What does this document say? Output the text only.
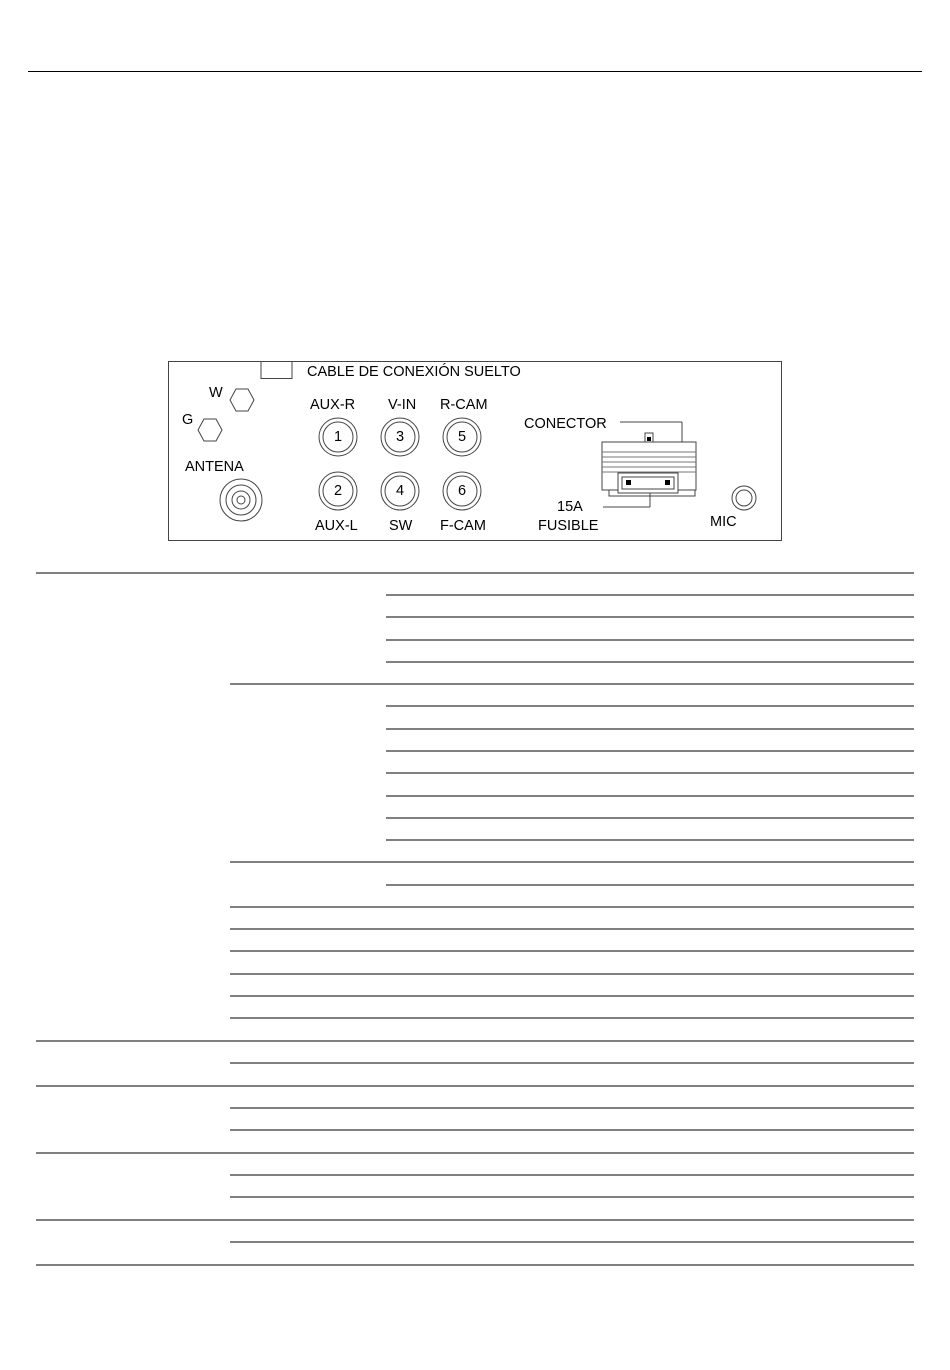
CABLE DE CONEXIÓN SUELTO
W
G
ANTENA
AUX-R V-IN R-CAM
1	3	5
2	4	6
AUX-L SW F-CAM
CONECTOR
15A
FUSIBLE	MIC
